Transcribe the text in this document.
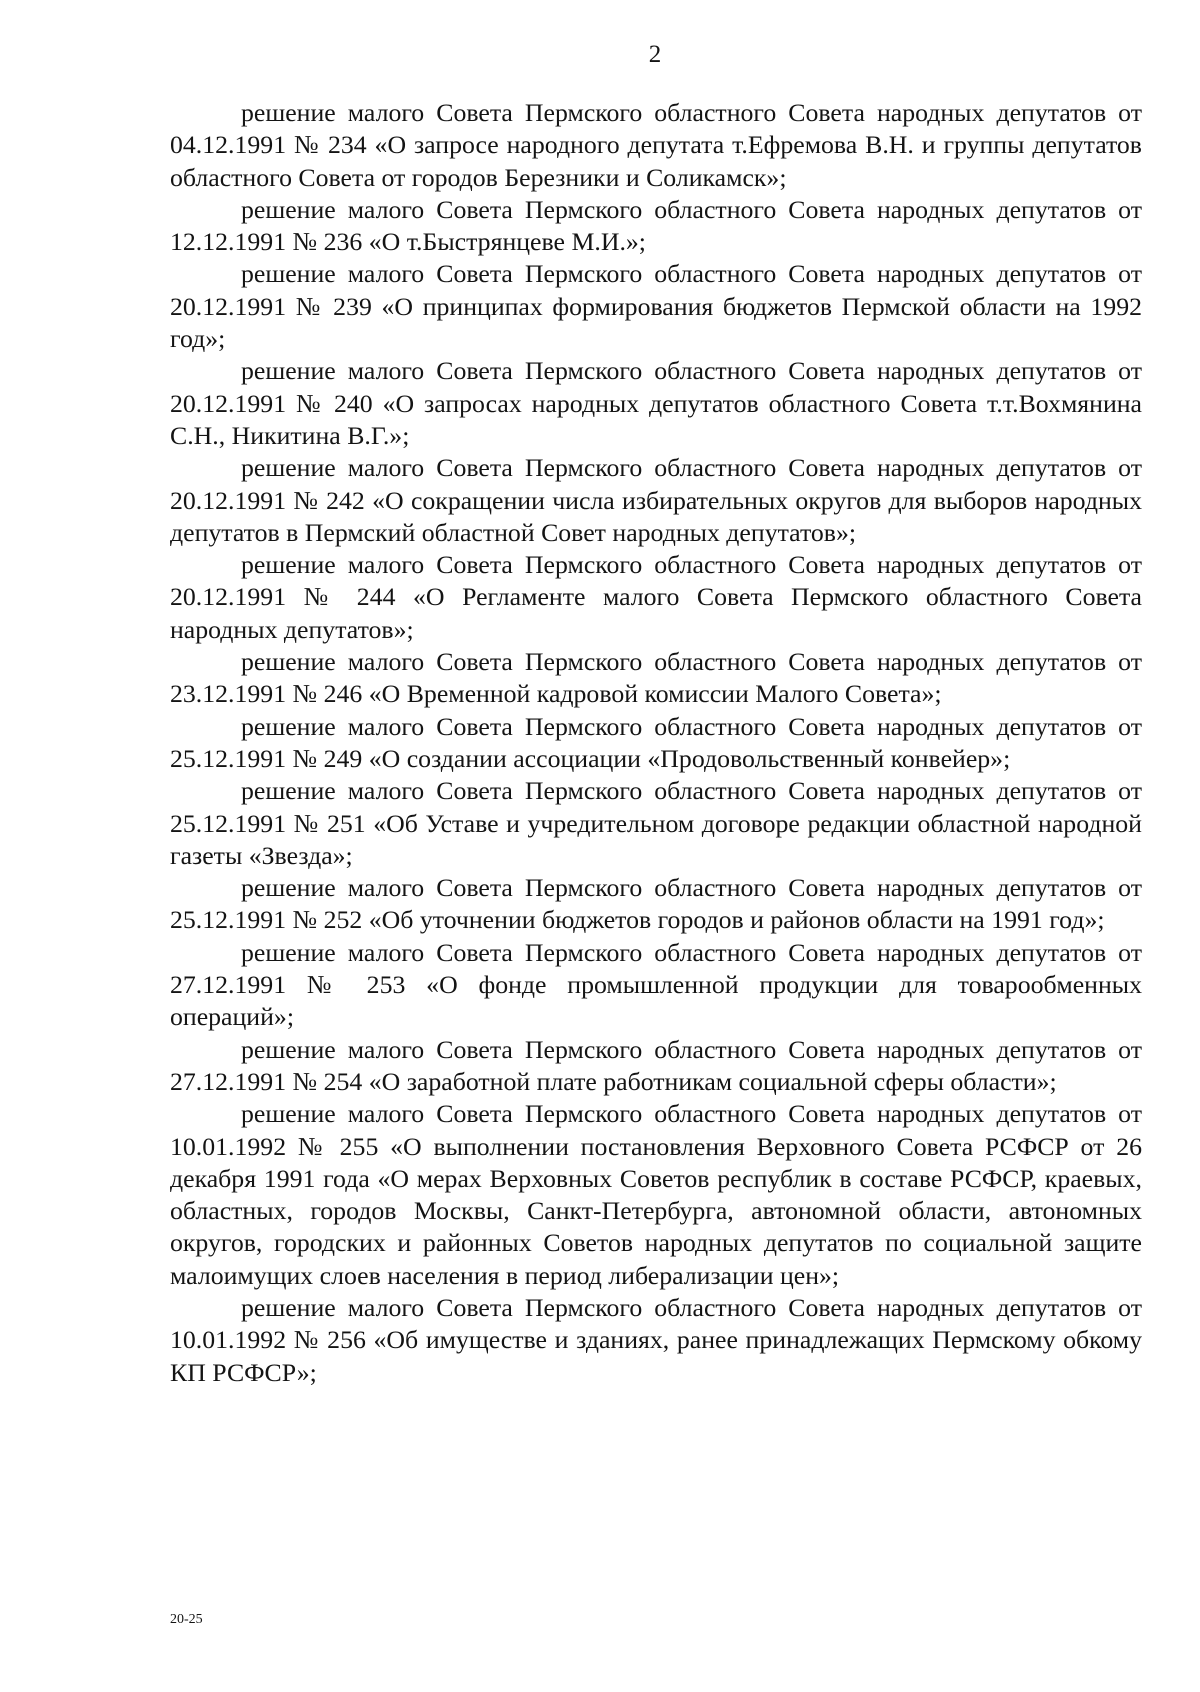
2

решение малого Совета Пермского областного Совета народных депутатов от 04.12.1991 № 234 «О запросе народного депутата т.Ефремова В.Н. и группы депутатов областного Совета от городов Березники и Соликамск»;

решение малого Совета Пермского областного Совета народных депутатов от 12.12.1991 № 236 «О т.Быстрянцеве М.И.»;

решение малого Совета Пермского областного Совета народных депутатов от 20.12.1991 № 239 «О принципах формирования бюджетов Пермской области на 1992 год»;

решение малого Совета Пермского областного Совета народных депутатов от 20.12.1991 № 240 «О запросах народных депутатов областного Совета т.т.Вохмянина С.Н., Никитина В.Г.»;

решение малого Совета Пермского областного Совета народных депутатов от 20.12.1991 № 242 «О сокращении числа избирательных округов для выборов народных депутатов в Пермский областной Совет народных депутатов»;

решение малого Совета Пермского областного Совета народных депутатов от 20.12.1991 № 244 «О Регламенте малого Совета Пермского областного Совета народных депутатов»;

решение малого Совета Пермского областного Совета народных депутатов от 23.12.1991 № 246 «О Временной кадровой комиссии Малого Совета»;

решение малого Совета Пермского областного Совета народных депутатов от 25.12.1991 № 249 «О создании ассоциации «Продовольственный конвейер»;

решение малого Совета Пермского областного Совета народных депутатов от 25.12.1991 № 251 «Об Уставе и учредительном договоре редакции областной народной газеты «Звезда»;

решение малого Совета Пермского областного Совета народных депутатов от 25.12.1991 № 252 «Об уточнении бюджетов городов и районов области на 1991 год»;

решение малого Совета Пермского областного Совета народных депутатов от 27.12.1991 № 253 «О фонде промышленной продукции для товарообменных операций»;

решение малого Совета Пермского областного Совета народных депутатов от 27.12.1991 № 254 «О заработной плате работникам социальной сферы области»;

решение малого Совета Пермского областного Совета народных депутатов от 10.01.1992 № 255 «О выполнении постановления Верховного Совета РСФСР от 26 декабря 1991 года «О мерах Верховных Советов республик в составе РСФСР, краевых, областных, городов Москвы, Санкт-Петербурга, автономной области, автономных округов, городских и районных Советов народных депутатов по социальной защите малоимущих слоев населения в период либерализации цен»;

решение малого Совета Пермского областного Совета народных депутатов от 10.01.1992 № 256 «Об имуществе и зданиях, ранее принадлежащих Пермскому обкому КП РСФСР»;

20-25
